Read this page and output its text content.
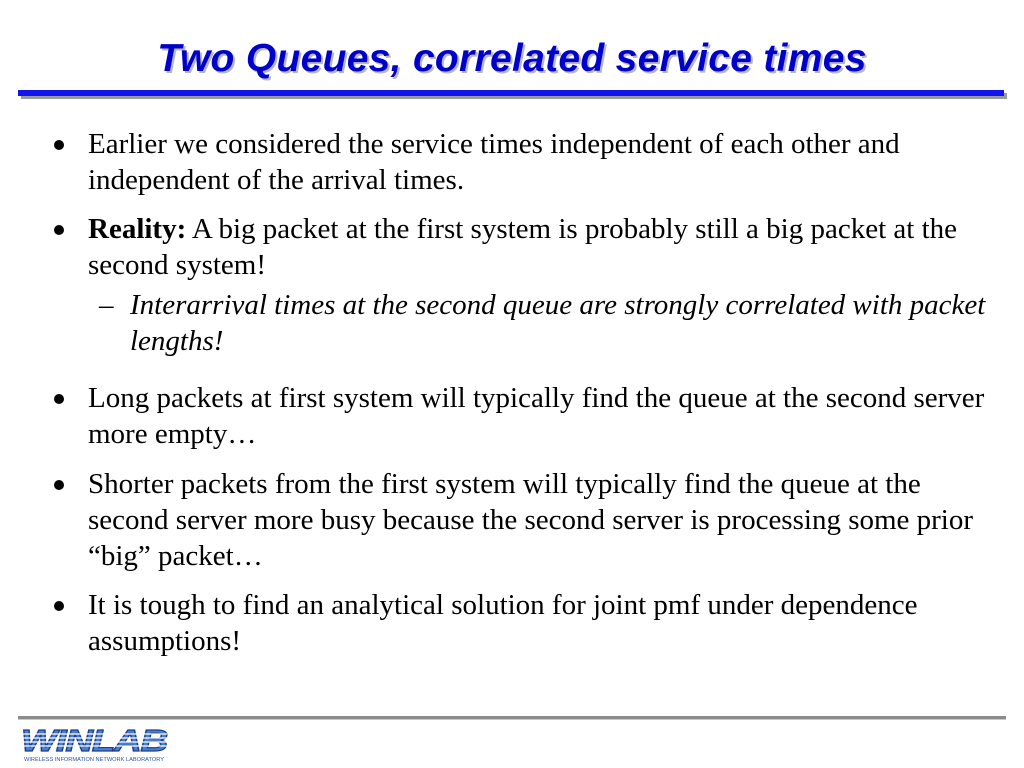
Two Queues, correlated service times
Earlier we considered the service times independent of each other and independent of the arrival times.
Reality: A big packet at the first system is probably still a big packet at the second system!
– Interarrival times at the second queue are strongly correlated with packet lengths!
Long packets at first system will typically find the queue at the second server more empty…
Shorter packets from the first system will typically find the queue at the second server more busy because the second server is processing some prior “big” packet…
It is tough to find an analytical solution for joint pmf under dependence assumptions!
WINLAB
WIRELESS INFORMATION NETWORK LABORATORY
